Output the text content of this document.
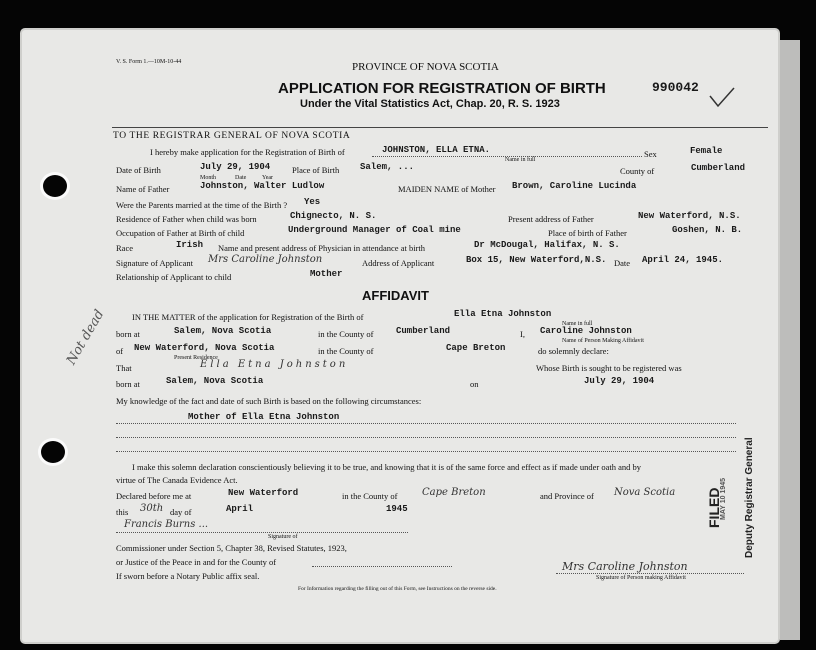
V. S. Form 1.—10M-10-44	PROVINCE OF NOVA SCOTIA
APPLICATION FOR REGISTRATION OF BIRTH
Under the Vital Statistics Act, Chap. 20, R. S. 1923
990042
TO THE REGISTRAR GENERAL OF NOVA SCOTIA
I hereby make application for the Registration of Birth of	JOHNSTON, ELLA ETNA.
Name in full
Sex	Female
Date of Birth	July 29, 1904
Month	Date	Year
Place of Birth Salem, ...	County of	Cumberland
Name of Father	Johnston, Walter Ludlow	MAIDEN NAME of Mother Brown, Caroline Lucinda
Were the Parents married at the time of the Birth ? Yes
Residence of Father when child was born	Chignecto, N. S.	Present address of Father	New Waterford, N.S.
Occupation of Father at Birth of child	Underground Manager of Coal mine	Place of birth of Father	Goshen, N. B.
Race	Irish Name and present address of Physician in attendance at birth	Dr McDougal, Halifax, N. S.
Signature of Applicant Mrs Caroline Johnston	Address of Applicant	Box 15, New Waterford,N.S. Date April 24, 1945.
Relationship of Applicant to child	Mother
AFFIDAVIT
IN THE MATTER of the application for Registration of the Birth of	Ella Etna Johnston
Name in full
born at	Salem, Nova Scotia	in the County of	Cumberland	I, Caroline Johnston
Name of Person Making Affidavit
of New Waterford, Nova Scotia
Present Residence
in the County of	Cape Breton	do solemnly declare:
That	Ella Etna Johnston	Whose Birth is sought to be registered was
born at	Salem, Nova Scotia	on	July 29, 1904
My knowledge of the fact and date of such Birth is based on the following circumstances:
Mother of Ella Etna Johnston
I make this solemn declaration conscientiously believing it to be true, and knowing that it is of the same force and effect as if made under oath and by
virtue of The Canada Evidence Act.
Declared before me at	New Waterford	in the County of Cape Breton	and Province of Nova Scotia
this 30th day of	April	1945
Francis Burns ...
Signature of
Commissioner under Section 5, Chapter 38, Revised Statutes, 1923,
or Justice of the Peace in and for the County of
If sworn before a Notary Public affix seal.
Mrs Caroline Johnston
Signature of Person making Affidavit
For Information regarding the filling out of this Form, see Instructions on the reverse side.
Deputy Registrar General
FILED
MAY 10 1945
Not dead
